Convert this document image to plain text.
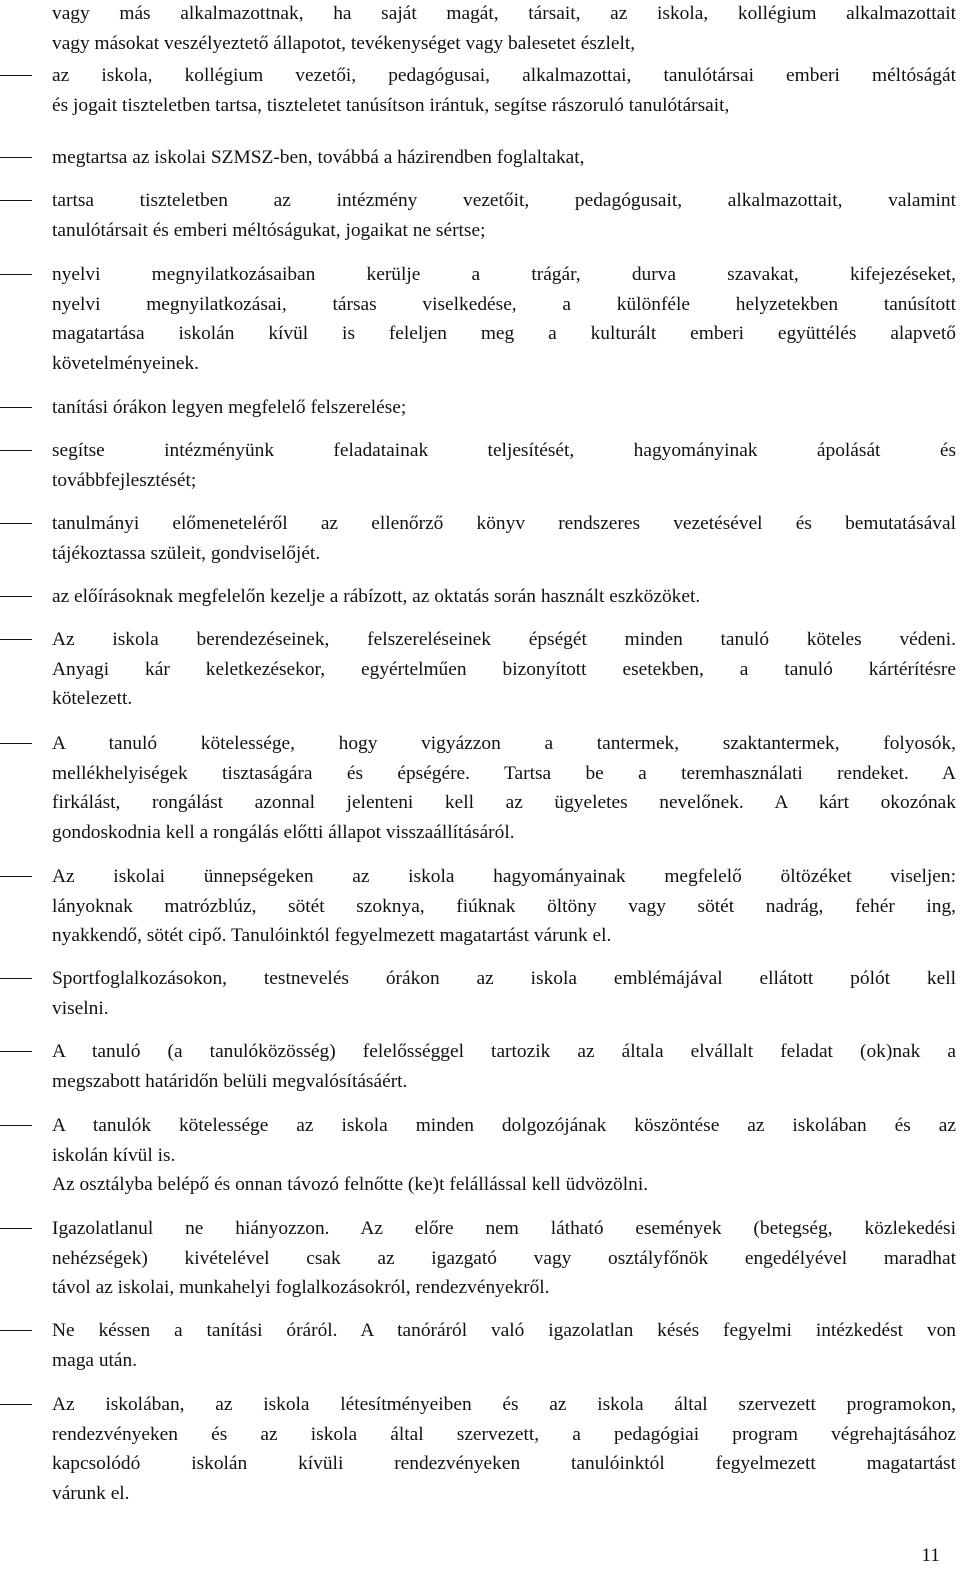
vagy más alkalmazottnak, ha saját magát, társait, az iskola, kollégium alkalmazottait
vagy másokat veszélyeztető állapotot, tevékenységet vagy balesetet észlelt,
az iskola, kollégium vezetői, pedagógusai, alkalmazottai, tanulótársai emberi méltóságát
és jogait tiszteletben tartsa, tiszteletet tanúsítson irántuk, segítse rászoruló tanulótársait,
megtartsa az iskolai SZMSZ-ben, továbbá a házirendben foglaltakat,
tartsa tiszteletben az intézmény vezetőit, pedagógusait, alkalmazottait, valamint
tanulótársait és emberi méltóságukat, jogaikat ne sértse;
nyelvi megnyilatkozásaiban kerülje a trágár, durva szavakat, kifejezéseket,
nyelvi megnyilatkozásai, társas viselkedése, a különféle helyzetekben tanúsított
magatartása iskolán kívül is feleljen meg a kulturált emberi együttélés alapvető
követelményeinek.
tanítási órákon legyen megfelelő felszerelése;
segítse intézményünk feladatainak teljesítését, hagyományinak ápolását és
továbbfejlesztését;
tanulmányi előmeneteléről az ellenőrző könyv rendszeres vezetésével és bemutatásával
tájékoztassa szüleit, gondviselőjét.
az előírásoknak megfelelőn kezelje a rábízott, az oktatás során használt eszközöket.
Az iskola berendezéseinek, felszereléseinek épségét minden tanuló köteles védeni.
Anyagi kár keletkezésekor, egyértelműen bizonyított esetekben, a tanuló kártérítésre
kötelezett.
A tanuló kötelessége, hogy vigyázzon a tantermek, szaktantermek, folyosók,
mellékhelyiségek tisztaságára és épségére. Tartsa be a teremhasználati rendeket. A
firkálást, rongálást azonnal jelenteni kell az ügyeletes nevelőnek. A kárt okozónak
gondoskodnia kell a rongálás előtti állapot visszaállításáról.
Az iskolai ünnepségeken az iskola hagyományainak megfelelő öltözéket viseljen:
lányoknak matrózblúz, sötét szoknya, fiúknak öltöny vagy sötét nadrág, fehér ing,
nyakkendő, sötét cipő. Tanulóinktól fegyelmezett magatartást várunk el.
Sportfoglalkozásokon, testnevelés órákon az iskola emblémájával ellátott pólót kell
viselni.
A tanuló (a tanulóközösség) felelősséggel tartozik az általa elvállalt feladat (ok)nak a
megszabott határidőn belüli megvalósításáért.
A tanulók kötelessége az iskola minden dolgozójának köszöntése az iskolában és az
iskolán kívül is.
Az osztályba belépő és onnan távozó felnőtte (ke)t felállással kell üdvözölni.
Igazolatlanul ne hiányozzon. Az előre nem látható események (betegség, közlekedési
nehézségek) kivételével csak az igazgató vagy osztályfőnök engedélyével maradhat
távol az iskolai, munkahelyi foglalkozásokról, rendezvényekről.
Ne késsen a tanítási óráról. A tanóráról való igazolatlan késés fegyelmi intézkedést von
maga után.
Az iskolában, az iskola létesítményeiben és az iskola által szervezett programokon,
rendezvényeken és az iskola által szervezett, a pedagógiai program végrehajtásához
kapcsolódó iskolán kívüli rendezvényeken tanulóinktól fegyelmezett magatartást
várunk el.
11
